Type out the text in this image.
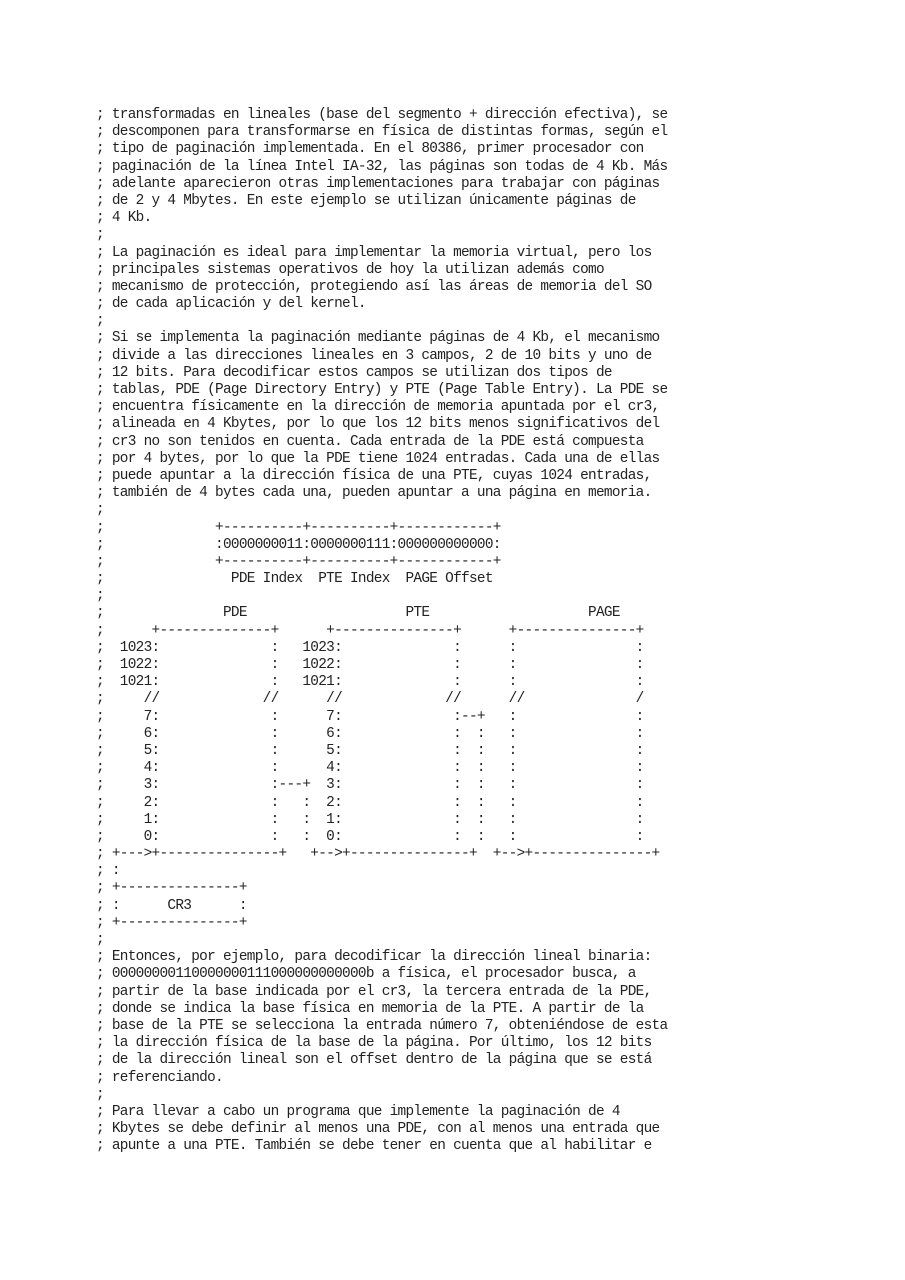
; transformadas en lineales (base del segmento + dirección efectiva), se
; descomponen para transformarse en física de distintas formas, según el
; tipo de paginación implementada. En el 80386, primer procesador con
; paginación de la línea Intel IA-32, las páginas son todas de 4 Kb. Más
; adelante aparecieron otras implementaciones para trabajar con páginas
; de 2 y 4 Mbytes. En este ejemplo se utilizan únicamente páginas de
; 4 Kb.
;
; La paginación es ideal para implementar la memoria virtual, pero los
; principales sistemas operativos de hoy la utilizan además como
; mecanismo de protección, protegiendo así las áreas de memoria del SO
; de cada aplicación y del kernel.
;
; Si se implementa la paginación mediante páginas de 4 Kb, el mecanismo
; divide a las direcciones lineales en 3 campos, 2 de 10 bits y uno de
; 12 bits. Para decodificar estos campos se utilizan dos tipos de
; tablas, PDE (Page Directory Entry) y PTE (Page Table Entry). La PDE se
; encuentra físicamente en la dirección de memoria apuntada por el cr3,
; alineada en 4 Kbytes, por lo que los 12 bits menos significativos del
; cr3 no son tenidos en cuenta. Cada entrada de la PDE está compuesta
; por 4 bytes, por lo que la PDE tiene 1024 entradas. Cada una de ellas
; puede apuntar a la dirección física de una PTE, cuyas 1024 entradas,
; también de 4 bytes cada una, pueden apuntar a una página en memoria.
;
;              +----------+----------+------------+
;              :0000000011:0000000111:000000000000:
;              +----------+----------+------------+
;                PDE Index  PTE Index  PAGE Offset
;
;               PDE                    PTE                    PAGE
;      +--------------+      +---------------+      +---------------+
;  1023:              :   1023:              :      :               :
;  1022:              :   1022:              :      :               :
;  1021:              :   1021:              :      :               :
;     //             //      //             //      //              /
;     7:              :      7:              :--+   :               :
;     6:              :      6:              :  :   :               :
;     5:              :      5:              :  :   :               :
;     4:              :      4:              :  :   :               :
;     3:              :---+  3:              :  :   :               :
;     2:              :   :  2:              :  :   :               :
;     1:              :   :  1:              :  :   :               :
;     0:              :   :  0:              :  :   :               :
; +--->+---------------+   +-->+---------------+  +-->+---------------+
; :
; +---------------+
; :      CR3      :
; +---------------+
;
; Entonces, por ejemplo, para decodificar la dirección lineal binaria:
; 00000000110000000111000000000000b a física, el procesador busca, a
; partir de la base indicada por el cr3, la tercera entrada de la PDE,
; donde se indica la base física en memoria de la PTE. A partir de la
; base de la PTE se selecciona la entrada número 7, obteniéndose de esta
; la dirección física de la base de la página. Por último, los 12 bits
; de la dirección lineal son el offset dentro de la página que se está
; referenciando.
;
; Para llevar a cabo un programa que implemente la paginación de 4
; Kbytes se debe definir al menos una PDE, con al menos una entrada que
; apunte a una PTE. También se debe tener en cuenta que al habilitar e
